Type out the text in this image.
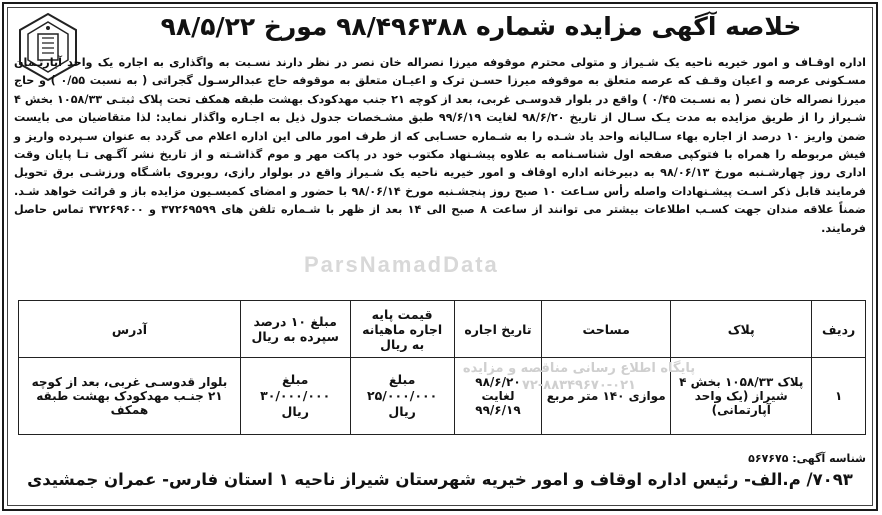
خلاصه آگهی مزایده شماره ۹۸/۴۹۶۳۸۸ مورخ ۹۸/۵/۲۲
اداره اوقـاف و امور خیریه ناحیه یک شـیراز و متولی محترم موقوفه میرزا نصراله خان نصر در نظر دارند نسـبت به واگذاری به اجاره یک واحد آپارتـمان مسـکونی عرصه و اعیان وقـف که عرصه متعلق به موقوفه میرزا حسـن ترک و اعیـان متعلق به موقوفه حاج عبدالرسـول گجراتی ( به نسبت ۰/۵۵ ) و حاج میرزا نصراله خان نصر ( به نسـبت ۰/۴۵ ) واقع در بلوار قدوسـی غربی، بعد از کوچه ۲۱ جنب مهدکودک بهشت طبقه همکف تحت پلاک ثبتـی ۱۰۵۸/۳۳ بخش ۴ شـیراز را از طریق مزایده به مدت یـک سـال از تاریخ ۹۸/۶/۲۰ لغایت ۹۹/۶/۱۹ طبق مشـخصات جدول ذیل به اجـاره واگذار نماید: لذا متقاضیان می بایست ضمن واریز ۱۰ درصد از اجاره بهاء سـالیانه واحد یاد شـده را به شـماره حسـابی که از طرف امور مالی این اداره اعلام می گردد به عنوان سـپرده واریز و فیش مربوطه را همراه با فتوکپی صفحه اول شناسـنامه به علاوه پیشـنهاد مکتوب خود در پاکت مهر و موم گذاشـته و از تاریخ نشر آگـهی تـا پایان وقت اداری روز چهارشـنبه مورخ ۹۸/۰۶/۱۳ به دبیرخانه اداره اوقاف و امور خیریه ناحیه یک شـیراز واقع در بولوار رازی، روبروی باشـگاه ورزشـی برق تحویل فرمایند قابل ذکر اسـت پیشـنهادات واصله رأس سـاعت ۱۰ صبح روز پنجشـنبه مورخ ۹۸/۰۶/۱۴ با حضور و امضای کمیسـیون مزایده باز و قرائت خواهد شـد. ضمناً علاقه مندان جهت کسـب اطلاعات بیشتر می توانند از ساعت ۸ صبح الی ۱۴ بعد از ظهر با شـماره تلفن های ۳۷۲۶۹۵۹۹ و ۳۷۲۶۹۶۰۰ تماس حاصل فرمایند.
ParsNamadData
ردیف	پلاک	مساحت	تاریخ اجاره	قیمت پایه اجاره ماهیانه به ریال	مبلغ ۱۰ درصد سپرده به ریال	آدرس
۱	پلاک ۱۰۵۸/۳۳ بخش ۴ شیراز (یک واحد آپارتمانی)	موازی ۱۴۰ متر مربع	۹۸/۶/۲۰ لغایت ۹۹/۶/۱۹	مبلغ ۲۵/۰۰۰/۰۰۰ ریال	مبلغ ۳۰/۰۰۰/۰۰۰ ریال	بلوار قدوسـی غربی، بعد از کوچه ۲۱ جنـب مهدکودک بهشت طبقه همکف
پایگاه اطلاع رسانی مناقصه و مزایده ۰۲۱-۸۸۳۴۹۶۷۰-۷۲
شناسه آگهی: ۵۶۷۶۷۵
۷۰۹۳/ م.الف- رئیس اداره اوقاف و امور خیریه شهرستان شیراز ناحیه ۱ استان فارس- عمران جمشیدی
